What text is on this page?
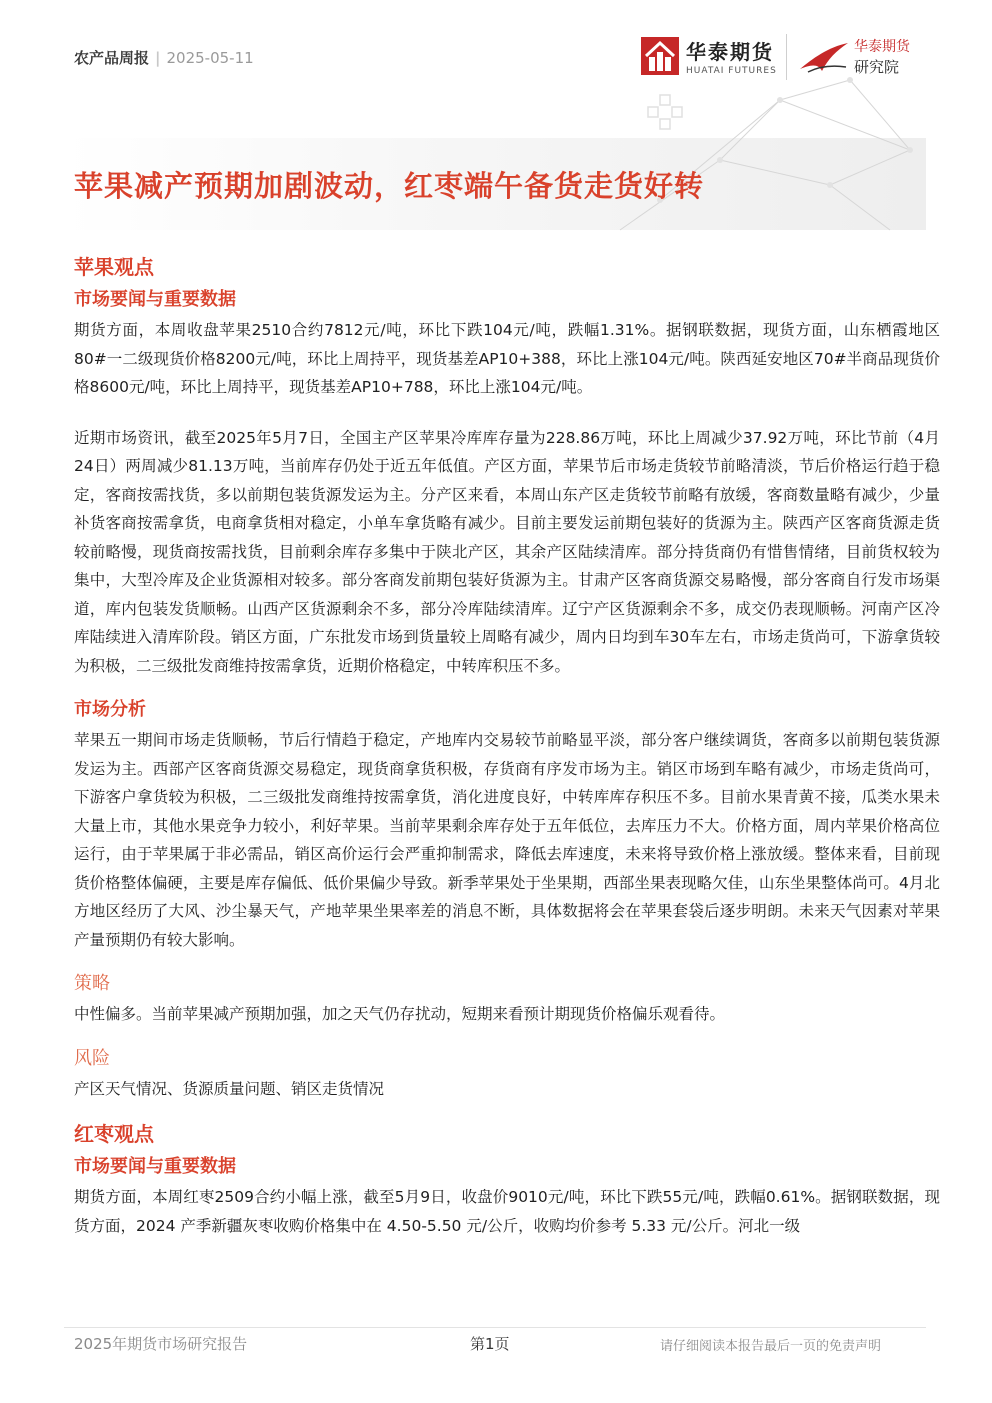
农产品周报 | 2025-05-11	华泰期货
HUATAI FUTURES
华泰期货
研究院
苹果减产预期加剧波动，红枣端午备货走货好转
苹果观点
市场要闻与重要数据

期货方面，本周收盘苹果2510合约7812元/吨，环比下跌104元/吨，跌幅1.31%。据钢联数据，现货方面，山东栖霞地区80#一二级现货价格8200元/吨，环比上周持平，现货基差AP10+388，环比上涨104元/吨。陕西延安地区70#半商品现货价格8600元/吨，环比上周持平，现货基差AP10+788，环比上涨104元/吨。

近期市场资讯，截至2025年5月7日，全国主产区苹果冷库库存量为228.86万吨，环比上周减少37.92万吨，环比节前（4月24日）两周减少81.13万吨，当前库存仍处于近五年低值。产区方面，苹果节后市场走货较节前略清淡，节后价格运行趋于稳定，客商按需找货，多以前期包装货源发运为主。分产区来看，本周山东产区走货较节前略有放缓，客商数量略有减少，少量补货客商按需拿货，电商拿货相对稳定，小单车拿货略有减少。目前主要发运前期包装好的货源为主。陕西产区客商货源走货较前略慢，现货商按需找货，目前剩余库存多集中于陕北产区，其余产区陆续清库。部分持货商仍有惜售情绪，目前货权较为集中，大型冷库及企业货源相对较多。部分客商发前期包装好货源为主。甘肃产区客商货源交易略慢，部分客商自行发市场渠道，库内包装发货顺畅。山西产区货源剩余不多，部分冷库陆续清库。辽宁产区货源剩余不多，成交仍表现顺畅。河南产区冷库陆续进入清库阶段。销区方面，广东批发市场到货量较上周略有减少，周内日均到车30车左右，市场走货尚可，下游拿货较为积极，二三级批发商维持按需拿货，近期价格稳定，中转库积压不多。

市场分析

苹果五一期间市场走货顺畅，节后行情趋于稳定，产地库内交易较节前略显平淡，部分客户继续调货，客商多以前期包装货源发运为主。西部产区客商货源交易稳定，现货商拿货积极，存货商有序发市场为主。销区市场到车略有减少，市场走货尚可，下游客户拿货较为积极，二三级批发商维持按需拿货，消化进度良好，中转库库存积压不多。目前水果青黄不接，瓜类水果未大量上市，其他水果竞争力较小，利好苹果。当前苹果剩余库存处于五年低位，去库压力不大。价格方面，周内苹果价格高位运行，由于苹果属于非必需品，销区高价运行会严重抑制需求，降低去库速度，未来将导致价格上涨放缓。整体来看，目前现货价格整体偏硬，主要是库存偏低、低价果偏少导致。新季苹果处于坐果期，西部坐果表现略欠佳，山东坐果整体尚可。4月北方地区经历了大风、沙尘暴天气，产地苹果坐果率差的消息不断，具体数据将会在苹果套袋后逐步明朗。未来天气因素对苹果产量预期仍有较大影响。

策略

中性偏多。当前苹果减产预期加强，加之天气仍存扰动，短期来看预计期现货价格偏乐观看待。

风险

产区天气情况、货源质量问题、销区走货情况

红枣观点
市场要闻与重要数据

期货方面，本周红枣2509合约小幅上涨，截至5月9日，收盘价9010元/吨，环比下跌55元/吨，跌幅0.61%。据钢联数据，现货方面，2024 产季新疆灰枣收购价格集中在 4.50-5.50 元/公斤，收购均价参考 5.33 元/公斤。河北一级

2025年期货市场研究报告	第1页	请仔细阅读本报告最后一页的免责声明
